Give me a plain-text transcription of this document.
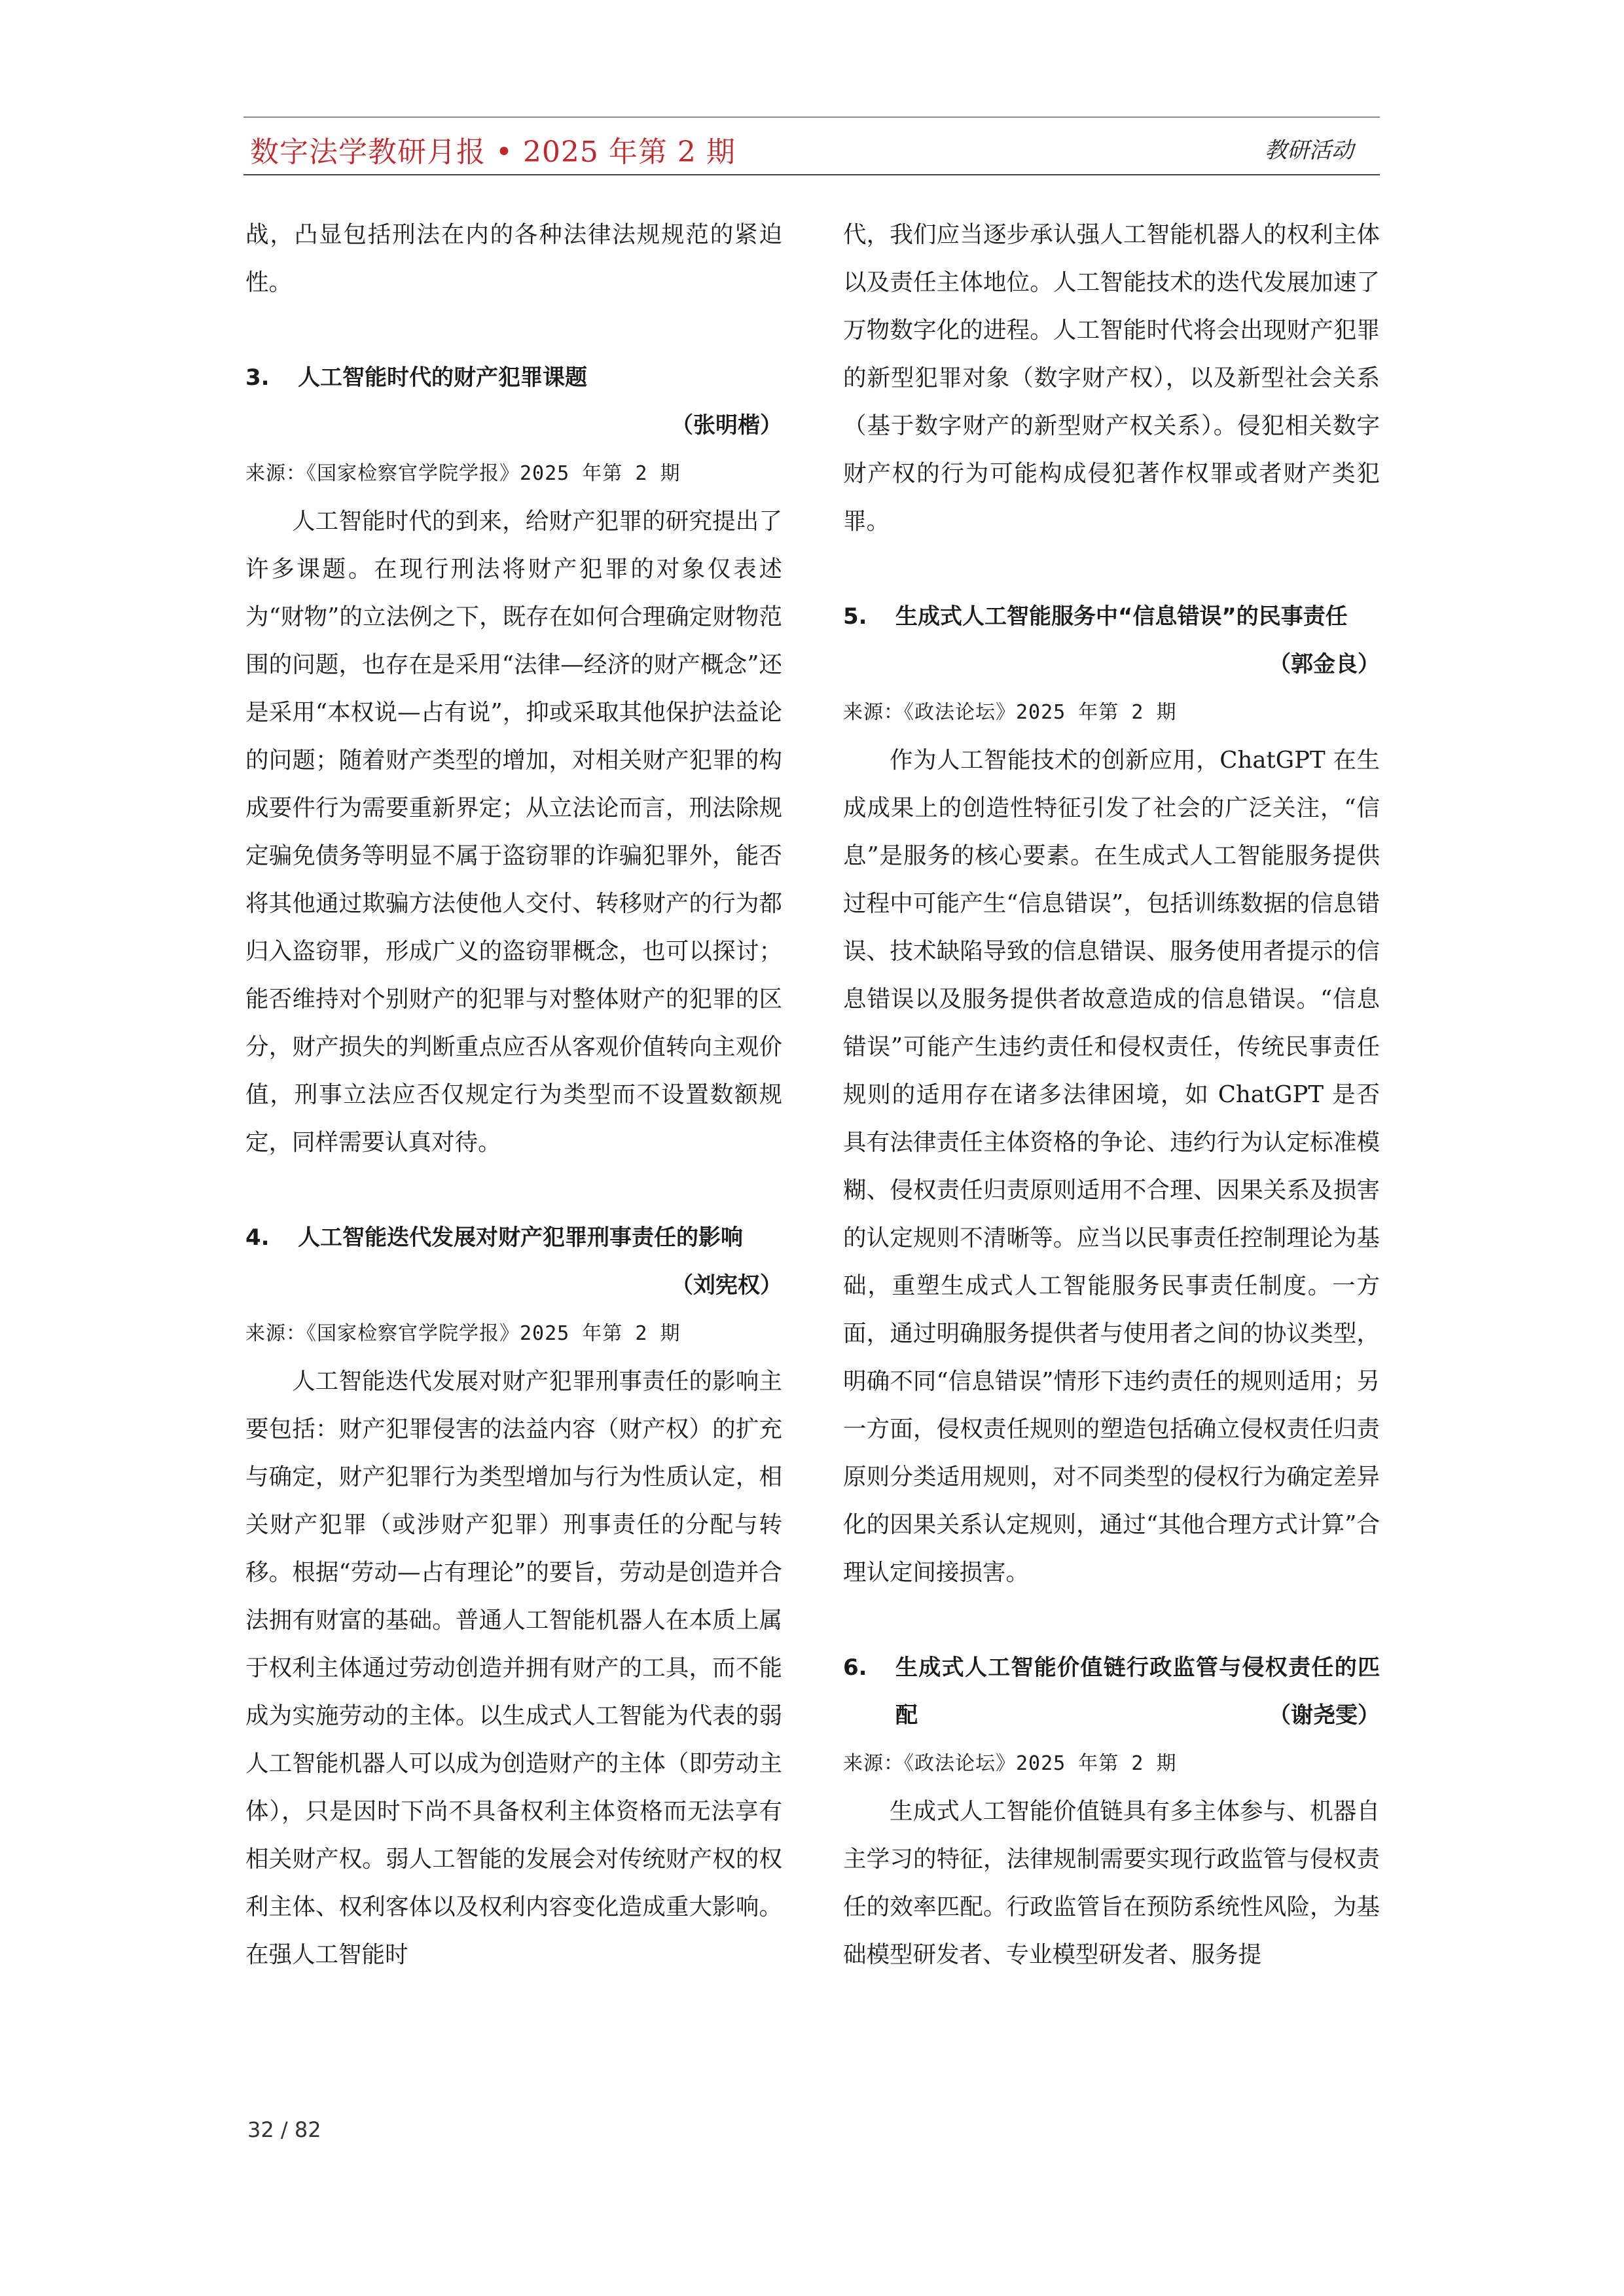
数字法学教研月报 • 2025 年第 2 期	教研活动

战，凸显包括刑法在内的各种法律法规规范的紧迫性。

3.	人工智能时代的财产犯罪课题

（张明楷）

来源：《国家检察官学院学报》2025 年第 2 期

人工智能时代的到来，给财产犯罪的研究提出了许多课题。在现行刑法将财产犯罪的对象仅表述为“财物”的立法例之下，既存在如何合理确定财物范围的问题，也存在是采用“法律—经济的财产概念”还是采用“本权说—占有说”，抑或采取其他保护法益论的问题；随着财产类型的增加，对相关财产犯罪的构成要件行为需要重新界定；从立法论而言，刑法除规定骗免债务等明显不属于盗窃罪的诈骗犯罪外，能否将其他通过欺骗方法使他人交付、转移财产的行为都归入盗窃罪，形成广义的盗窃罪概念，也可以探讨；能否维持对个别财产的犯罪与对整体财产的犯罪的区分，财产损失的判断重点应否从客观价值转向主观价值，刑事立法应否仅规定行为类型而不设置数额规定，同样需要认真对待。

4.	人工智能迭代发展对财产犯罪刑事责任的影响
（刘宪权）

来源：《国家检察官学院学报》2025 年第 2 期

人工智能迭代发展对财产犯罪刑事责任的影响主要包括：财产犯罪侵害的法益内容（财产权）的扩充与确定，财产犯罪行为类型增加与行为性质认定，相关财产犯罪（或涉财产犯罪）刑事责任的分配与转移。根据“劳动—占有理论”的要旨，劳动是创造并合法拥有财富的基础。普通人工智能机器人在本质上属于权利主体通过劳动创造并拥有财产的工具，而不能成为实施劳动的主体。以生成式人工智能为代表的弱人工智能机器人可以成为创造财产的主体（即劳动主体），只是因时下尚不具备权利主体资格而无法享有相关财产权。弱人工智能的发展会对传统财产权的权利主体、权利客体以及权利内容变化造成重大影响。在强人工智能时

代，我们应当逐步承认强人工智能机器人的权利主体以及责任主体地位。人工智能技术的迭代发展加速了万物数字化的进程。人工智能时代将会出现财产犯罪的新型犯罪对象（数字财产权），以及新型社会关系（基于数字财产的新型财产权关系）。侵犯相关数字财产权的行为可能构成侵犯著作权罪或者财产类犯罪。

5.	生成式人工智能服务中“信息错误”的民事责任
（郭金良）

来源：《政法论坛》2025 年第 2 期

作为人工智能技术的创新应用，ChatGPT 在生成成果上的创造性特征引发了社会的广泛关注，“信息”是服务的核心要素。在生成式人工智能服务提供过程中可能产生“信息错误”，包括训练数据的信息错误、技术缺陷导致的信息错误、服务使用者提示的信息错误以及服务提供者故意造成的信息错误。“信息错误”可能产生违约责任和侵权责任，传统民事责任规则的适用存在诸多法律困境，如 ChatGPT 是否具有法律责任主体资格的争论、违约行为认定标准模糊、侵权责任归责原则适用不合理、因果关系及损害的认定规则不清晰等。应当以民事责任控制理论为基础，重塑生成式人工智能服务民事责任制度。一方面，通过明确服务提供者与使用者之间的协议类型，明确不同“信息错误”情形下违约责任的规则适用；另一方面，侵权责任规则的塑造包括确立侵权责任归责原则分类适用规则，对不同类型的侵权行为确定差异化的因果关系认定规则，通过“其他合理方式计算”合理认定间接损害。

6.	生成式人工智能价值链行政监管与侵权责任的匹配	（谢尧雯）

来源：《政法论坛》2025 年第 2 期

生成式人工智能价值链具有多主体参与、机器自主学习的特征，法律规制需要实现行政监管与侵权责任的效率匹配。行政监管旨在预防系统性风险，为基础模型研发者、专业模型研发者、服务提

32 / 82
